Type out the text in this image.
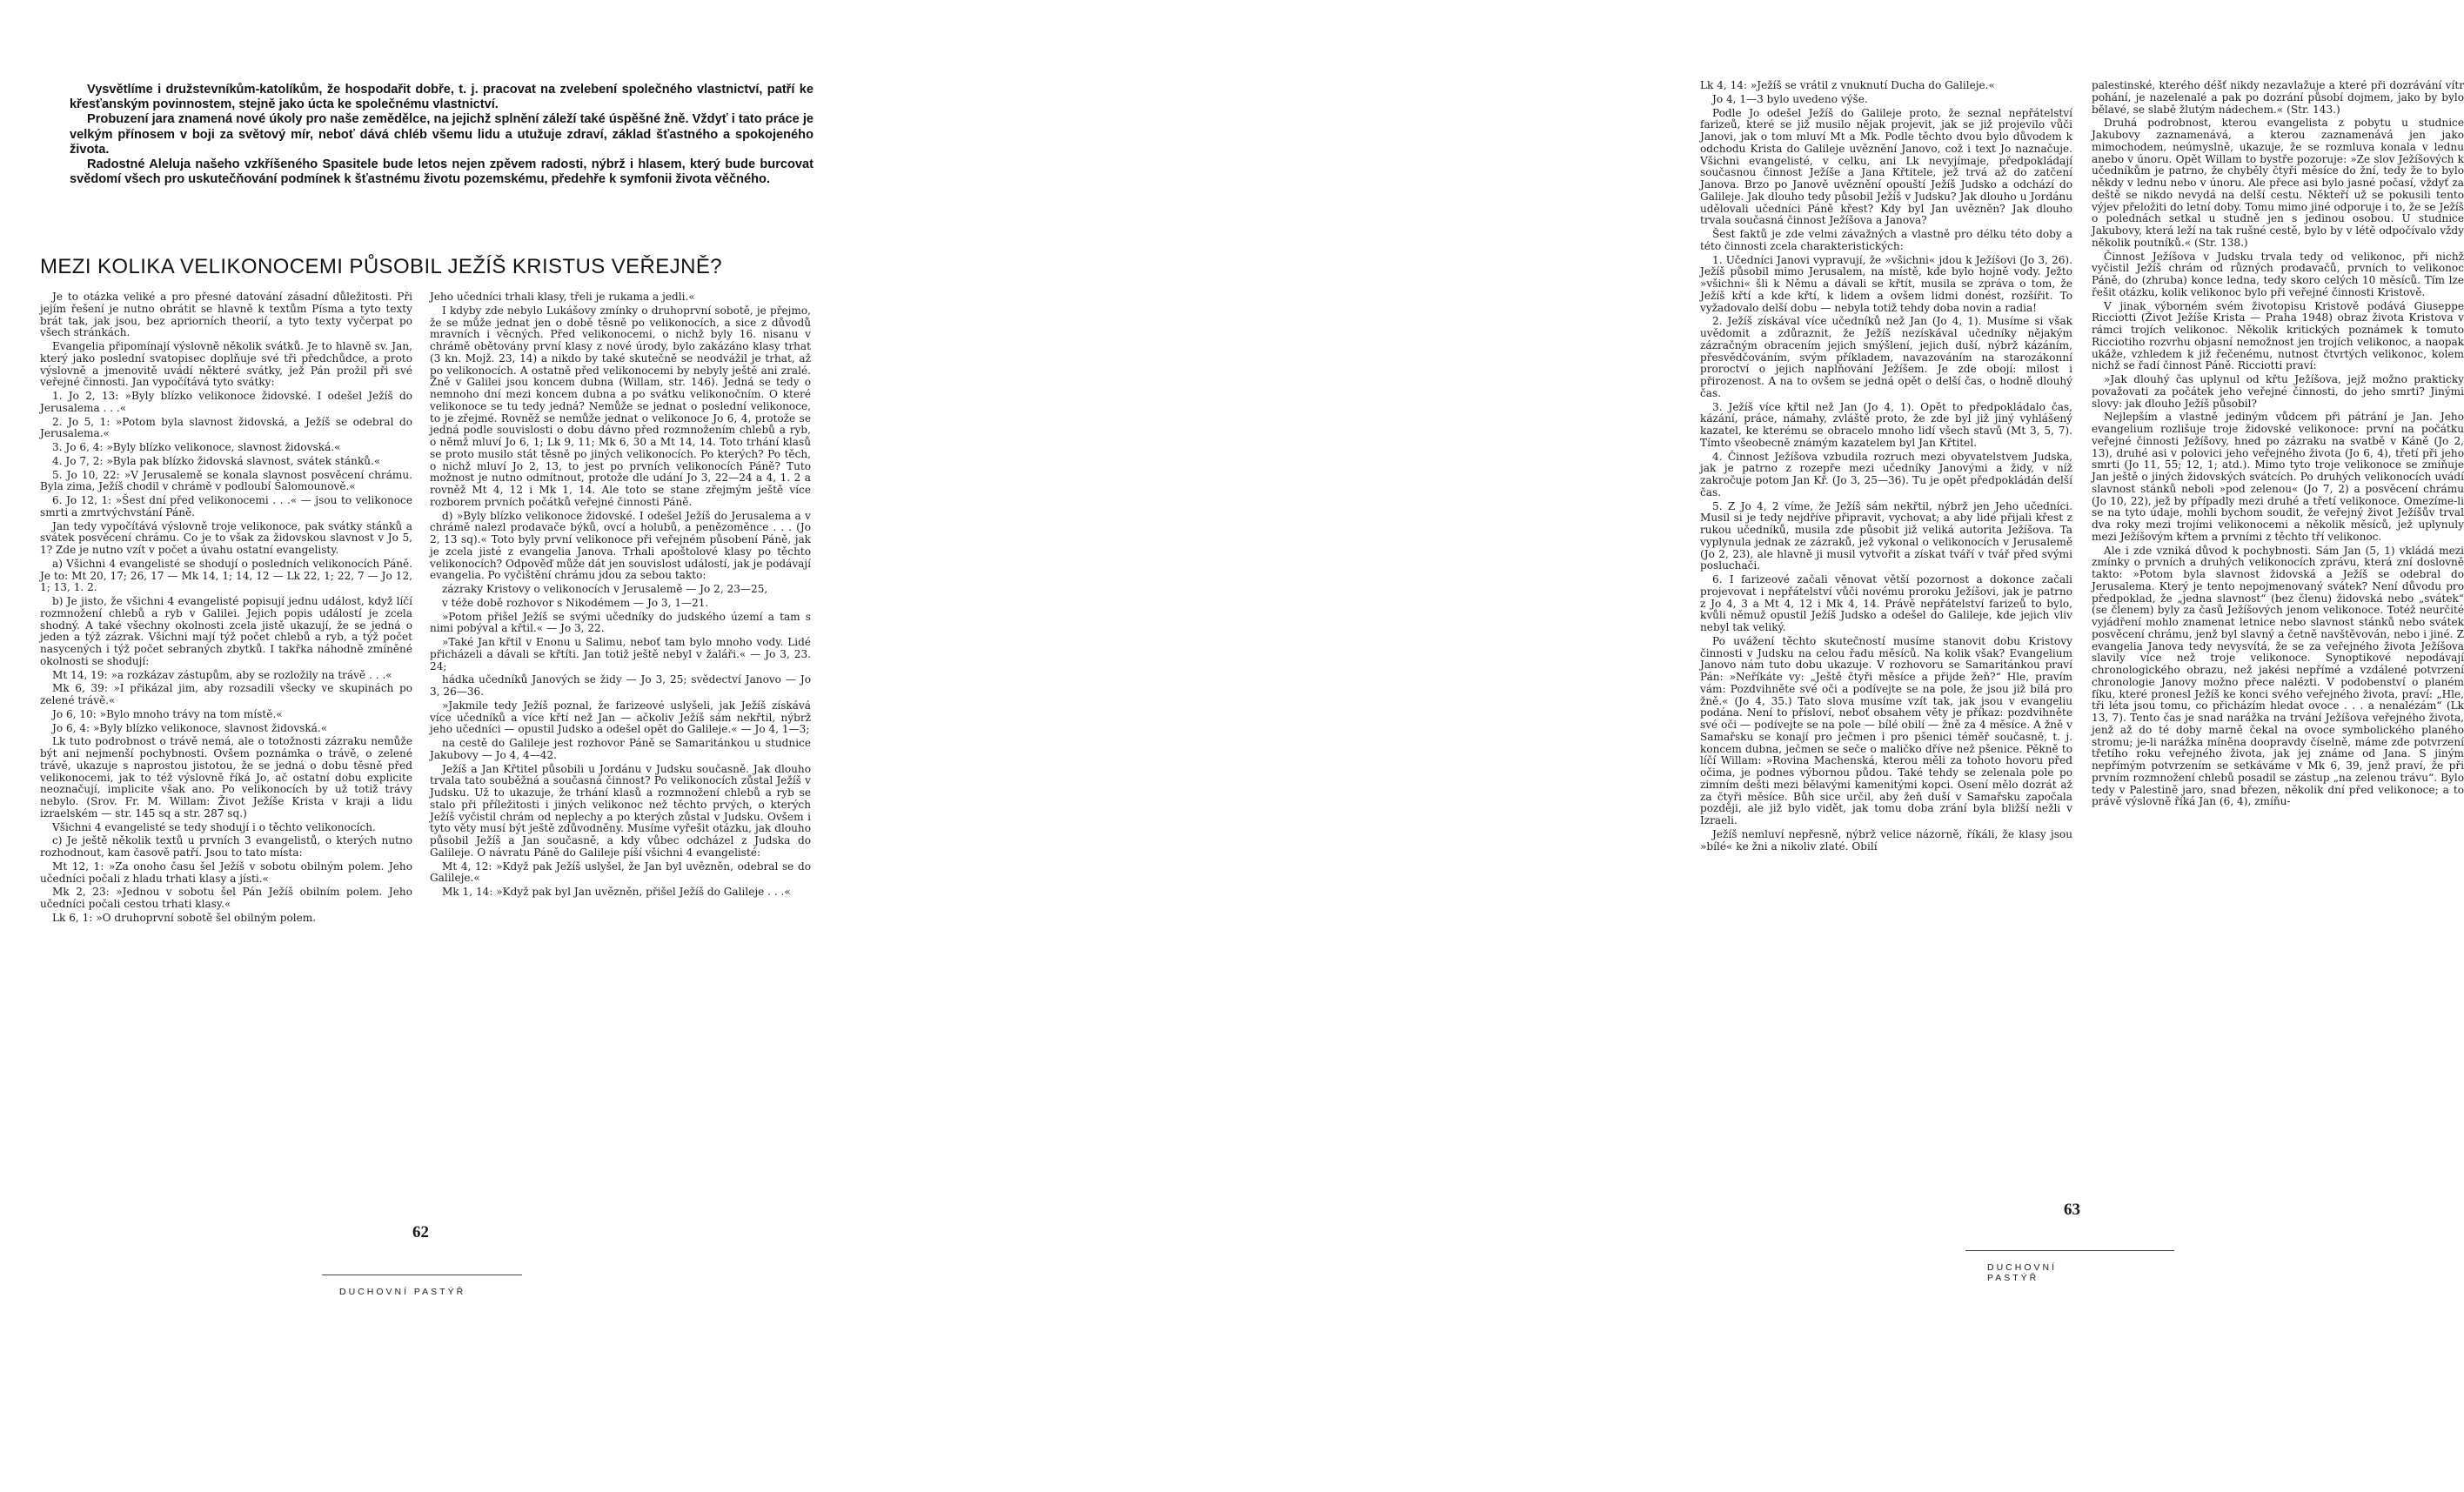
Vysvětlíme i družstevníkům-katolíkům, že hospodařit dobře, t. j. pracovat na zvelebení společného vlastnictví, patří ke křesťanským povinnostem, stejně jako úcta ke společnému vlastnictví.

Probuzení jara znamená nové úkoly pro naše zemědělce, na jejichž splnění záleží také úspěšné žně. Vždyť i tato práce je velkým přínosem v boji za světový mír, neboť dává chléb všemu lidu a utužuje zdraví, základ šťastného a spokojeného života.

Radostné Aleluja našeho vzkříšeného Spasitele bude letos nejen zpěvem radosti, nýbrž i hlasem, který bude burcovat svědomí všech pro uskutečňování podmínek k šťastnému životu pozemskému, předehře k symfonii života věčného.

MEZI KOLIKA VELIKONOCEMI PŮSOBIL JEŽÍŠ KRISTUS VEŘEJNĚ?

Je to otázka veliké a pro přesné datování zásadní důležitosti. Při jejím řešení je nutno obrátit se hlavně k textům Písma a tyto texty brát tak, jak jsou, bez apriorních theorií, a tyto texty vyčerpat po všech stránkách.

Evangelia připomínají výslovně několik svátků. Je to hlavně sv. Jan, který jako poslední svatopisec doplňuje své tři předchůdce, a proto výslovně a jmenovitě uvádí některé svátky, jež Pán prožil při své veřejné činnosti. Jan vypočítává tyto svátky:

1. Jo 2, 13: »Byly blízko velikonoce židovské. I odešel Ježíš do Jerusalema . . .«

2. Jo 5, 1: »Potom byla slavnost židovská, a Ježíš se odebral do Jerusalema.«

3. Jo 6, 4: »Byly blízko velikonoce, slavnost židovská.«

4. Jo 7, 2: »Byla pak blízko židovská slavnost, svátek stánků.«

5. Jo 10, 22: »V Jerusalemě se konala slavnost posvěcení chrámu. Byla zima, Ježíš chodil v chrámě v podloubí Šalomounově.«

6. Jo 12, 1: »Šest dní před velikonocemi . . .« — jsou to velikonoce smrti a zmrtvýchvstání Páně.

Jan tedy vypočítává výslovně troje velikonoce, pak svátky stánků a svátek posvěcení chrámu. Co je to však za židovskou slavnost v Jo 5, 1? Zde je nutno vzít v počet a úvahu ostatní evangelisty.

a) Všichni 4 evangelisté se shodují o posledních velikonocích Páně. Je to: Mt 20, 17; 26, 17 — Mk 14, 1; 14, 12 — Lk 22, 1; 22, 7 — Jo 12, 1; 13, 1. 2.

b) Je jisto, že všichni 4 evangelisté popisují jednu událost, když líčí rozmnožení chlebů a ryb v Galilei. Jejich popis událostí je zcela shodný. A také všechny okolnosti zcela jistě ukazují, že se jedná o jeden a týž zázrak. Všichni mají týž počet chlebů a ryb, a týž počet nasycených i týž počet sebraných zbytků. I takřka náhodně zmíněné okolnosti se shodují:

Mt 14, 19: »a rozkázav zástupům, aby se rozložily na trávě . . .«

Mk 6, 39: »I přikázal jim, aby rozsadili všecky ve skupinách po zelené trávě.«

Jo 6, 10: »Bylo mnoho trávy na tom místě.«

Jo 6, 4: »Byly blízko velikonoce, slavnost židovská.«

Lk tuto podrobnost o trávě nemá, ale o totožnosti zázraku nemůže být ani nejmenší pochybnosti. Ovšem poznámka o trávě, o zelené trávě, ukazuje s naprostou jistotou, že se jedná o dobu těsně před velikonocemi, jak to též výslovně říká Jo, ač ostatní dobu explicite neoznačují, implicite však ano. Po velikonocích by už totiž trávy nebylo. (Srov. Fr. M. Willam: Život Ježíše Krista v kraji a lidu izraelském — str. 145 sq a str. 287 sq.)

Všichni 4 evangelisté se tedy shodují i o těchto velikonocích.

c) Je ještě několik textů u prvních 3 evangelistů, o kterých nutno rozhodnout, kam časově patří. Jsou to tato místa:

Mt 12, 1: »Za onoho času šel Ježíš v sobotu obilným polem. Jeho učedníci počali z hladu trhati klasy a jísti.«

Mk 2, 23: »Jednou v sobotu šel Pán Ježíš obilním polem. Jeho učedníci počali cestou trhati klasy.«

Lk 6, 1: »O druhoprvní sobotě šel obilným polem.

Jeho učedníci trhali klasy, třeli je rukama a jedli.«

I kdyby zde nebylo Lukášovy zmínky o druhoprvní sobotě, je přejmo, že se může jednat jen o době těsně po velikonocích, a sice z důvodů mravních i věcných. Před velikonocemi, o nichž byly 16. nisanu v chrámě obětovány první klasy z nové úrody, bylo zakázáno klasy trhat (3 kn. Mojž. 23, 14) a nikdo by také skutečně se neodvážil je trhat, až po velikonocích. A ostatně před velikonocemi by nebyly ještě ani zralé. Žně v Galilei jsou koncem dubna (Willam, str. 146). Jedná se tedy o nemnoho dní mezi koncem dubna a po svátku velikonočním. O které velikonoce se tu tedy jedná? Nemůže se jednat o poslední velikonoce, to je zřejmé. Rovněž se nemůže jednat o velikonoce Jo 6, 4, protože se jedná podle souvislosti o dobu dávno před rozmnožením chlebů a ryb, o němž mluví Jo 6, 1; Lk 9, 11; Mk 6, 30 a Mt 14, 14. Toto trhání klasů se proto musilo stát těsně po jiných velikonocích. Po kterých? Po těch, o nichž mluví Jo 2, 13, to jest po prvních velikonocích Páně? Tuto možnost je nutno odmítnout, protože dle udání Jo 3, 22—24 a 4, 1. 2 a rovněž Mt 4, 12 i Mk 1, 14. Ale toto se stane zřejmým ještě více rozborem prvních počátků veřejné činnosti Páně.

d) »Byly blízko velikonoce židovské. I odešel Ježíš do Jerusalema a v chrámě nalezl prodavače býků, ovcí a holubů, a penězoměnce . . . (Jo 2, 13 sq).« Toto byly první velikonoce při veřejném působení Páně, jak je zcela jisté z evangelia Janova. Trhali apoštolové klasy po těchto velikonocích? Odpověď může dát jen souvislost událostí, jak je podávají evangelia. Po vyčištění chrámu jdou za sebou takto:

zázraky Kristovy o velikonocích v Jerusalemě — Jo 2, 23—25,

v téže době rozhovor s Nikodémem — Jo 3, 1—21.

»Potom přišel Ježíš se svými učedníky do judského území a tam s nimi pobýval a křtil.« — Jo 3, 22.

»Také Jan křtil v Enonu u Salimu, neboť tam bylo mnoho vody. Lidé přicházeli a dávali se křtíti. Jan totiž ještě nebyl v žaláři.« — Jo 3, 23. 24;

hádka učedníků Janových se židy — Jo 3, 25; svědectví Janovo — Jo 3, 26—36.

»Jakmile tedy Ježíš poznal, že farizeové uslyšeli, jak Ježíš získává více učedníků a více křtí než Jan — ačkoliv Ježíš sám nekřtil, nýbrž jeho učedníci — opustil Judsko a odešel opět do Galileje.« — Jo 4, 1—3;

na cestě do Galileje jest rozhovor Páně se Samaritánkou u studnice Jakubovy — Jo 4, 4—42.

Ježíš a Jan Křtitel působili u Jordánu v Judsku současně. Jak dlouho trvala tato souběžná a současná činnost? Po velikonocích zůstal Ježíš v Judsku. Už to ukazuje, že trhání klasů a rozmnožení chlebů a ryb se stalo při příležitosti i jiných velikonoc než těchto prvých, o kterých Ježíš vyčistil chrám od neplechy a po kterých zůstal v Judsku. Ovšem i tyto věty musí být ještě zdůvodněny. Musíme vyřešit otázku, jak dlouho působil Ježíš a Jan současně, a kdy vůbec odcházel z Judska do Galileje. O návratu Páně do Galileje píší všichni 4 evangelisté:

Mt 4, 12: »Když pak Ježíš uslyšel, že Jan byl uvězněn, odebral se do Galileje.«

Mk 1, 14: »Když pak byl Jan uvězněn, přišel Ježíš do Galileje . . .«

62
DUCHOVNÍ PASTÝŘ

Lk 4, 14: »Ježíš se vrátil z vnuknutí Ducha do Galileje.«

Jo 4, 1—3 bylo uvedeno výše.

Podle Jo odešel Ježíš do Galileje proto, že seznal nepřátelství farizeů, které se již musilo nějak projevit, jak se již projevilo vůči Janovi, jak o tom mluví Mt a Mk. Podle těchto dvou bylo důvodem k odchodu Krista do Galileje uvěznění Janovo, což i text Jo naznačuje. Všichni evangelisté, v celku, ani Lk nevyjímaje, předpokládají současnou činnost Ježíše a Jana Křtitele, jež trvá až do zatčení Janova. Brzo po Janově uvěznění opouští Ježíš Judsko a odchází do Galileje. Jak dlouho tedy působil Ježíš v Judsku? Jak dlouho u Jordánu udělovali učedníci Páně křest? Kdy byl Jan uvězněn? Jak dlouho trvala současná činnost Ježíšova a Janova?

Šest faktů je zde velmi závažných a vlastně pro délku této doby a této činnosti zcela charakteristických:

1. Učedníci Janovi vypravují, že »všichni« jdou k Ježíšovi (Jo 3, 26). Ježíš působil mimo Jerusalem, na místě, kde bylo hojně vody. Ježto »všichni« šli k Němu a dávali se křtít, musila se zpráva o tom, že Ježíš křtí a kde křtí, k lidem a ovšem lidmi donést, rozšířit. To vyžadovalo delší dobu — nebyla totiž tehdy doba novin a radia!

2. Ježíš získával více učedníků než Jan (Jo 4, 1). Musíme si však uvědomit a zdůraznit, že Ježíš nezískával učedníky nějakým zázračným obracením jejich smýšlení, jejich duší, nýbrž kázáním, přesvědčováním, svým příkladem, navazováním na starozákonní proroctví o jejich naplňování Ježíšem. Je zde obojí: milost i přirozenost. A na to ovšem se jedná opět o delší čas, o hodně dlouhý čas.

3. Ježíš více křtil než Jan (Jo 4, 1). Opět to předpokládalo čas, kázání, práce, námahy, zvláště proto, že zde byl již jiný vyhlášený kazatel, ke kterému se obracelo mnoho lidí všech stavů (Mt 3, 5, 7). Tímto všeobecně známým kazatelem byl Jan Křtitel.

4. Činnost Ježíšova vzbudila rozruch mezi obyvatelstvem Judska, jak je patrno z rozepře mezi učedníky Janovými a židy, v níž zakročuje potom Jan Kř. (Jo 3, 25—36). Tu je opět předpokládán delší čas.

5. Z Jo 4, 2 víme, že Ježíš sám nekřtil, nýbrž jen Jeho učedníci. Musil si je tedy nejdříve připravit, vychovat; a aby lidé přijali křest z rukou učedníků, musila zde působit již veliká autorita Ježíšova. Ta vyplynula jednak ze zázraků, jež vykonal o velikonocích v Jerusalemě (Jo 2, 23), ale hlavně ji musil vytvořit a získat tváří v tvář před svými posluchači.

6. I farizeové začali věnovat větší pozornost a dokonce začali projevovat i nepřátelství vůči novému proroku Ježíšovi, jak je patrno z Jo 4, 3 a Mt 4, 12 i Mk 4, 14. Právě nepřátelství farizeů to bylo, kvůli němuž opustil Ježíš Judsko a odešel do Galileje, kde jejich vliv nebyl tak veliký.

Po uvážení těchto skutečností musíme stanovit dobu Kristovy činnosti v Judsku na celou řadu měsíců. Na kolik však? Evangelium Janovo nám tuto dobu ukazuje. V rozhovoru se Samaritánkou praví Pán: »Neříkáte vy: „Ještě čtyři měsíce a přijde žeň?“ Hle, pravím vám: Pozdvihněte své oči a podívejte se na pole, že jsou již bílá pro žně.« (Jo 4, 35.) Tato slova musíme vzít tak, jak jsou v evangeliu podána. Není to přísloví, neboť obsahem věty je příkaz: pozdvihněte své oči — podívejte se na pole — bílé obilí — žně za 4 měsíce. A žně v Samařsku se konají pro ječmen i pro pšenici téměř současně, t. j. koncem dubna, ječmen se seče o maličko dříve než pšenice. Pěkně to líčí Willam: »Rovina Machenská, kterou měli za tohoto hovoru před očima, je podnes výbornou půdou. Také tehdy se zelenala pole po zimním dešti mezi bělavými kamenitými kopci. Osení mělo dozrát až za čtyři měsíce. Bůh sice určil, aby žeň duší v Samařsku započala později, ale již bylo vidět, jak tomu doba zrání byla bližší nežli v Izraeli.

Ježíš nemluví nepřesně, nýbrž velice názorně, říkáli, že klasy jsou »bílé« ke žni a nikoliv zlaté. Obilí

palestinské, kterého déšť nikdy nezavlažuje a které při dozrávání vítr pohání, je nazelenalé a pak po dozrání působí dojmem, jako by bylo bělavé, se slabě žlutým nádechem.« (Str. 143.)

Druhá podrobnost, kterou evangelista z pobytu u studnice Jakubovy zaznamenává, a kterou zaznamenává jen jako mimochodem, neúmyslně, ukazuje, že se rozmluva konala v lednu anebo v únoru. Opět Willam to bystře pozoruje: »Ze slov Ježíšových k učedníkům je patrno, že chyběly čtyři měsíce do žní, tedy že to bylo někdy v lednu nebo v únoru. Ale přece asi bylo jasné počasí, vždyť za deště se nikdo nevydá na delší cestu. Někteří už se pokusili tento výjev přeložiti do letní doby. Tomu mimo jiné odporuje i to, že se Ježíš o polednách setkal u studně jen s jedinou osobou. U studnice Jakubovy, která leží na tak rušné cestě, bylo by v létě odpočívalo vždy několik poutníků.« (Str. 138.)

Činnost Ježíšova v Judsku trvala tedy od velikonoc, při nichž vyčistil Ježíš chrám od různých prodavačů, prvních to velikonoc Páně, do (zhruba) konce ledna, tedy skoro celých 10 měsíců. Tím lze řešit otázku, kolik velikonoc bylo při veřejné činnosti Kristově.

V jinak výborném svém životopisu Kristově podává Giuseppe Ricciotti (Život Ježíše Krista — Praha 1948) obraz života Kristova v rámci trojích velikonoc. Několik kritických poznámek k tomuto Ricciotiho rozvrhu objasní nemožnost jen trojích velikonoc, a naopak ukáže, vzhledem k již řečenému, nutnost čtvrtých velikonoc, kolem nichž se řadí činnost Páně. Ricciotti praví:

»Jak dlouhý čas uplynul od křtu Ježíšova, jejž možno prakticky považovati za počátek jeho veřejné činnosti, do jeho smrti? Jinými slovy: jak dlouho Ježíš působil?

Nejlepším a vlastně jediným vůdcem při pátrání je Jan. Jeho evangelium rozlišuje troje židovské velikonoce: první na počátku veřejné činnosti Ježíšovy, hned po zázraku na svatbě v Káně (Jo 2, 13), druhé asi v polovici jeho veřejného života (Jo 6, 4), třetí při jeho smrti (Jo 11, 55; 12, 1; atd.). Mimo tyto troje velikonoce se zmiňuje Jan ještě o jiných židovských svátcích. Po druhých velikonocích uvádí slavnost stánků neboli »pod zelenou« (Jo 7, 2) a posvěcení chrámu (Jo 10, 22), jež by případly mezi druhé a třetí velikonoce. Omezíme-li se na tyto údaje, mohli bychom soudit, že veřejný život Ježíšův trval dva roky mezi trojími velikonocemi a několik měsíců, jež uplynuly mezi Ježíšovým křtem a prvními z těchto tří velikonoc.

Ale i zde vzniká důvod k pochybnosti. Sám Jan (5, 1) vkládá mezi zmínky o prvních a druhých velikonocích zprávu, která zní doslovně takto: »Potom byla slavnost židovská a Ježíš se odebral do Jerusalema. Který je tento nepojmenovaný svátek? Není důvodu pro předpoklad, že „jedna slavnost“ (bez členu) židovská nebo „svátek“ (se členem) byly za časů Ježíšových jenom velikonoce. Totéž neurčité vyjádření mohlo znamenat letnice nebo slavnost stánků nebo svátek posvěcení chrámu, jenž byl slavný a četně navštěvován, nebo i jiné. Z evangelia Janova tedy nevysvítá, že se za veřejného života Ježíšova slavily více než troje velikonoce. Synoptikové nepodávají chronologického obrazu, než jakési nepřímé a vzdálené potvrzení chronologie Janovy možno přece nalézti. V podobenství o planém fíku, které pronesl Ježíš ke konci svého veřejného života, praví: „Hle, tři léta jsou tomu, co přicházím hledat ovoce . . . a nenalézám“ (Lk 13, 7). Tento čas je snad narážka na trvání Ježíšova veřejného života, jenž až do té doby marně čekal na ovoce symbolického planého stromu; je-li narážka míněna doopravdy číselně, máme zde potvrzení třetího roku veřejného života, jak jej známe od Jana. S jiným nepřímým potvrzením se setkáváme v Mk 6, 39, jenž praví, že při prvním rozmnožení chlebů posadil se zástup „na zelenou trávu“. Bylo tedy v Palestině jaro, snad březen, několik dní před velikonoce; a to právě výslovně říká Jan (6, 4), zmíňu-

63
DUCHOVNÍ PASTÝŘ
